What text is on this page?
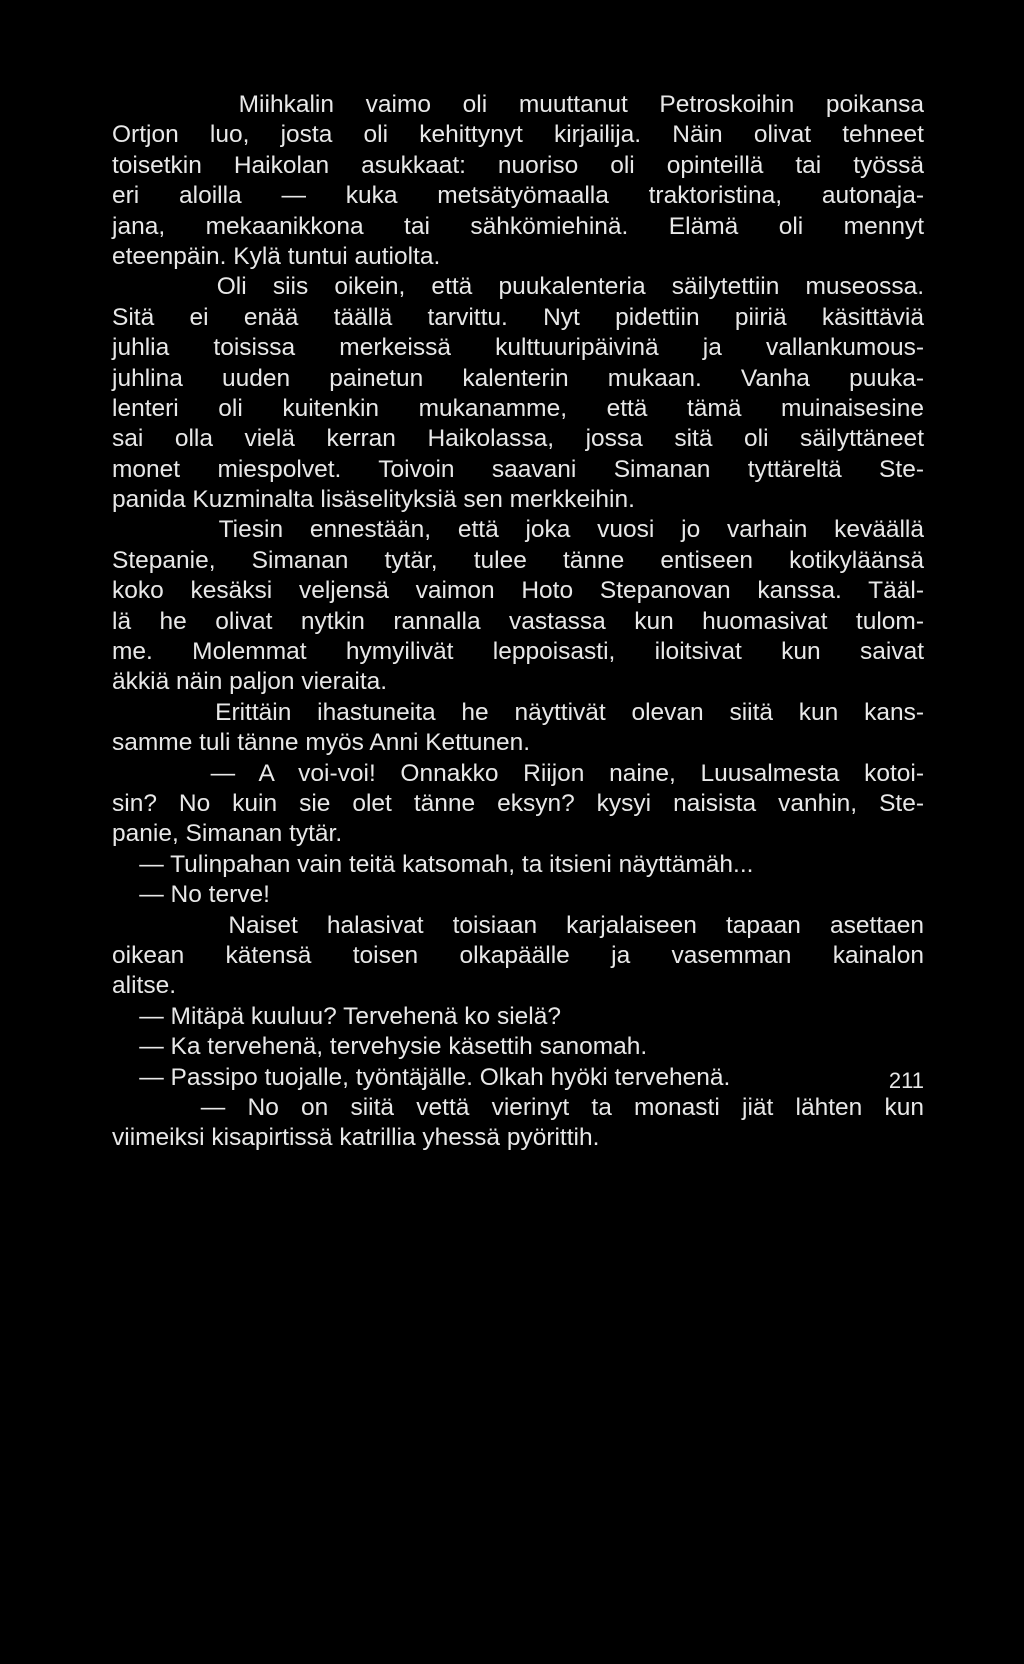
Miihkalin vaimo oli muuttanut Petroskoihin poikansa
Ortjon luo, josta oli kehittynyt kirjailija. Näin olivat tehneet
toisetkin Haikolan asukkaat: nuoriso oli opinteillä tai työssä
eri aloilla — kuka metsätyömaalla traktoristina, autonaja-
jana, mekaanikkona tai sähkömiehinä. Elämä oli mennyt
eteenpäin. Kylä tuntui autiolta.
Oli siis oikein, että puukalenteria säilytettiin museossa.
Sitä ei enää täällä tarvittu. Nyt pidettiin piiriä käsittäviä
juhlia toisissa merkeissä kulttuuripäivinä ja vallankumous-
juhlina uuden painetun kalenterin mukaan. Vanha puuka-
lenteri oli kuitenkin mukanamme, että tämä muinaisesine
sai olla vielä kerran Haikolassa, jossa sitä oli säilyttäneet
monet miespolvet. Toivoin saavani Simanan tyttäreltä Ste-
panida Kuzminalta lisäselityksiä sen merkkeihin.
Tiesin ennestään, että joka vuosi jo varhain keväällä
Stepanie, Simanan tytär, tulee tänne entiseen kotikyläänsä
koko kesäksi veljensä vaimon Hoto Stepanovan kanssa. Tääl-
lä he olivat nytkin rannalla vastassa kun huomasivat tulom-
me. Molemmat hymyilivät leppoisasti, iloitsivat kun saivat
äkkiä näin paljon vieraita.
Erittäin ihastuneita he näyttivät olevan siitä kun kans-
samme tuli tänne myös Anni Kettunen.
— A voi-voi! Onnakko Riijon naine, Luusalmesta kotoi-
sin? No kuin sie olet tänne eksyn? kysyi naisista vanhin, Ste-
panie, Simanan tytär.
— Tulinpahan vain teitä katsomah, ta itsieni näyttämäh...
— No terve!
Naiset halasivat toisiaan karjalaiseen tapaan asettaen
oikean kätensä toisen olkapäälle ja vasemman kainalon
alitse.
— Mitäpä kuuluu? Tervehenä ko sielä?
— Ka tervehenä, tervehysie käsettih sanomah.
— Passipo tuojalle, työntäjälle. Olkah hyöki tervehenä.
— No on siitä vettä vierinyt ta monasti jiät lähten kun
viimeiksi kisapirtissä katrillia yhessä pyörittih.
211
